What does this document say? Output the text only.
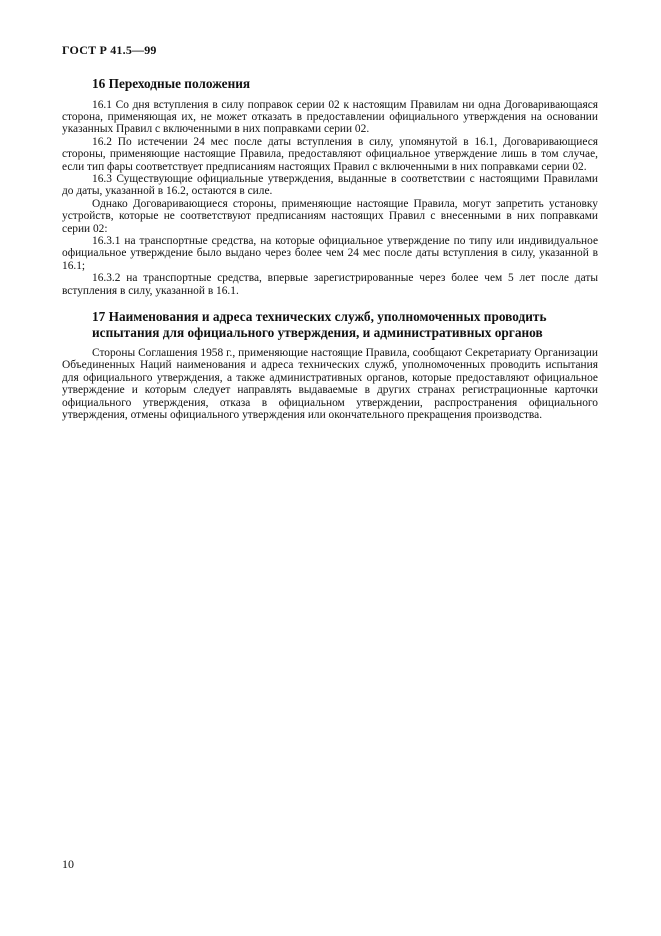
ГОСТ Р 41.5—99
16 Переходные положения

16.1 Со дня вступления в силу поправок серии 02 к настоящим Правилам ни одна Договаривающаяся сторона, применяющая их, не может отказать в предоставлении официального утверждения на основании указанных Правил с включенными в них поправками серии 02.

16.2 По истечении 24 мес после даты вступления в силу, упомянутой в 16.1, Договаривающиеся стороны, применяющие настоящие Правила, предоставляют официальное утверждение лишь в том случае, если тип фары соответствует предписаниям настоящих Правил с включенными в них поправками серии 02.

16.3 Существующие официальные утверждения, выданные в соответствии с настоящими Правилами до даты, указанной в 16.2, остаются в силе.

Однако Договаривающиеся стороны, применяющие настоящие Правила, могут запретить установку устройств, которые не соответствуют предписаниям настоящих Правил с внесенными в них поправками серии 02:

16.3.1 на транспортные средства, на которые официальное утверждение по типу или индивидуальное официальное утверждение было выдано через более чем 24 мес после даты вступления в силу, указанной в 16.1;

16.3.2 на транспортные средства, впервые зарегистрированные через более чем 5 лет после даты вступления в силу, указанной в 16.1.

17 Наименования и адреса технических служб, уполномоченных проводить испытания для официального утверждения, и административных органов

Стороны Соглашения 1958 г., применяющие настоящие Правила, сообщают Секретариату Организации Объединенных Наций наименования и адреса технических служб, уполномоченных проводить испытания для официального утверждения, а также административных органов, которые предоставляют официальное утверждение и которым следует направлять выдаваемые в других странах регистрационные карточки официального утверждения, отказа в официальном утверждении, распространения официального утверждения, отмены официального утверждения или окончательного прекращения производства.

10
